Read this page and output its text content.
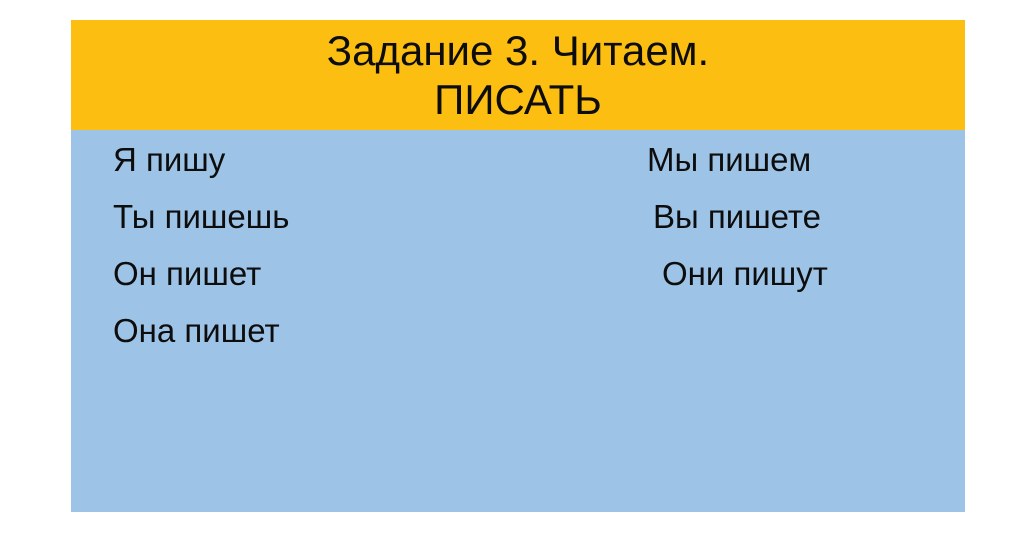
Задание 3. Читаем.
ПИСАТЬ
Я пишу	Мы пишем
Ты пишешь	Вы пишете
Он пишет	Они пишут
Она пишет
